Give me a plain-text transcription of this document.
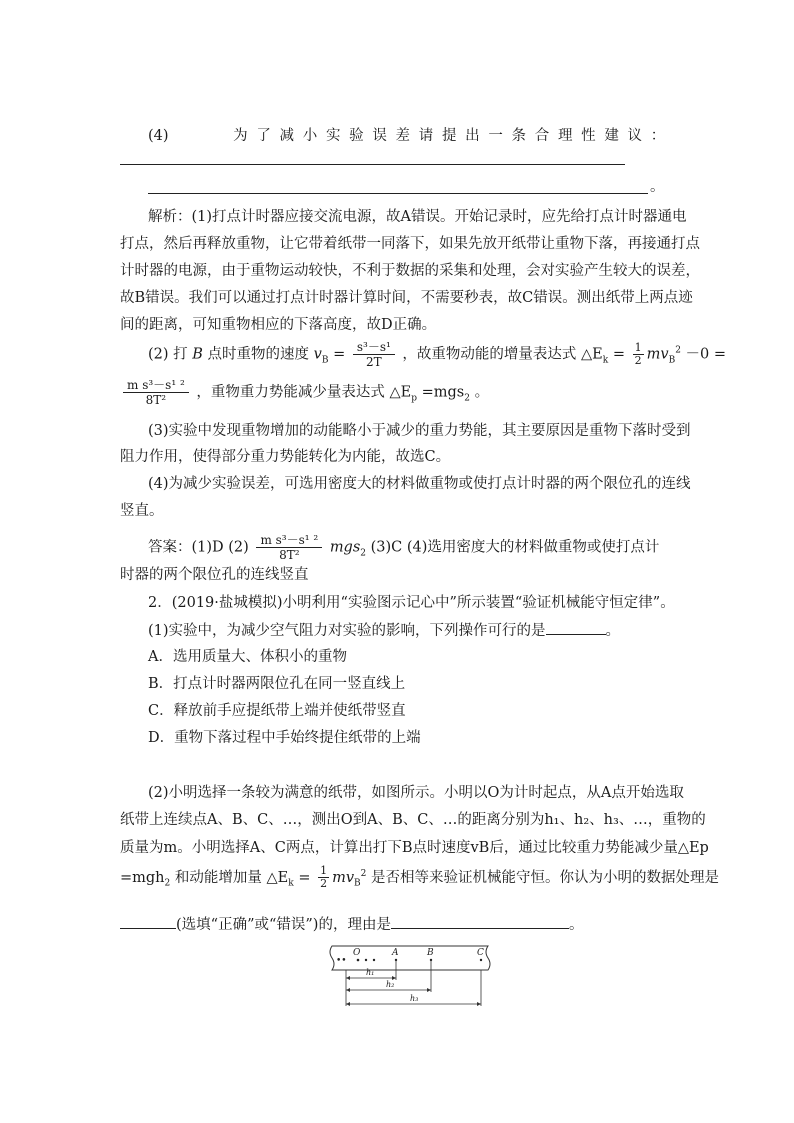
(4)	为了减小实验误差请提出一条合理性建议：
。
解析：(1)打点计时器应接交流电源，故A错误。开始记录时，应先给打点计时器通电
打点，然后再释放重物，让它带着纸带一同落下，如果先放开纸带让重物下落，再接通打点
计时器的电源，由于重物运动较快，不利于数据的采集和处理，会对实验产生较大的误差，
故B错误。我们可以通过打点计时器计算时间，不需要秒表，故C错误。测出纸带上两点迹
间的距离，可知重物相应的下落高度，故D正确。
(2) 打 B 点时重物的速度 $v_B = \frac{\text{s³－s¹}}{2T}$ ，故重物动能的增量表达式 $\triangle E_k = \frac{1}{2} mv_B^2 -0$ =
$\frac{\text{m s³－s¹ ²}}{\text{8T²}}$ ，重物重力势能减少量表达式 $\triangle E_p =mgs_2$ 。
(3)实验中发现重物增加的动能略小于减少的重力势能，其主要原因是重物下落时受到
阻力作用，使得部分重力势能转化为内能，故选C。
(4)为减少实验误差，可选用密度大的材料做重物或使打点计时器的两个限位孔的连线
竖直。
答案：(1)D $(2) \frac{\text{m s³－s¹ ²}}{\text{8T²}} mgs_2$ (3)C (4)选用密度大的材料做重物或使打点计
时器的两个限位孔的连线竖直
2．(2019·盐城模拟)小明利用“实验图示记心中”所示装置“验证机械能守恒定律”。
(1)实验中，为减少空气阻力对实验的影响，下列操作可行的是	。
A．选用质量大、体积小的重物
B．打点计时器两限位孔在同一竖直线上
C．释放前手应提纸带上端并使纸带竖直
D．重物下落过程中手始终提住纸带的上端
(2)小明选择一条较为满意的纸带，如图所示。小明以O为计时起点，从A点开始选取
纸带上连续点A、B、C、…，测出O到A、B、C、…的距离分别为h₁、h₂、h₃、…，重物的
质量为m。小明选择A、C两点，计算出打下B点时速度vB后，通过比较重力势能减少量△Ep
=mgh$_2$ 和动能增加量 $\triangle E_k = \frac{1}{2} mv_B^2$ 是否相等来验证机械能守恒。你认为小明的数据处理是
(选填“正确”或“错误”)的，理由是	。
••
O	A	B	C
h₁
h₂
h₃
